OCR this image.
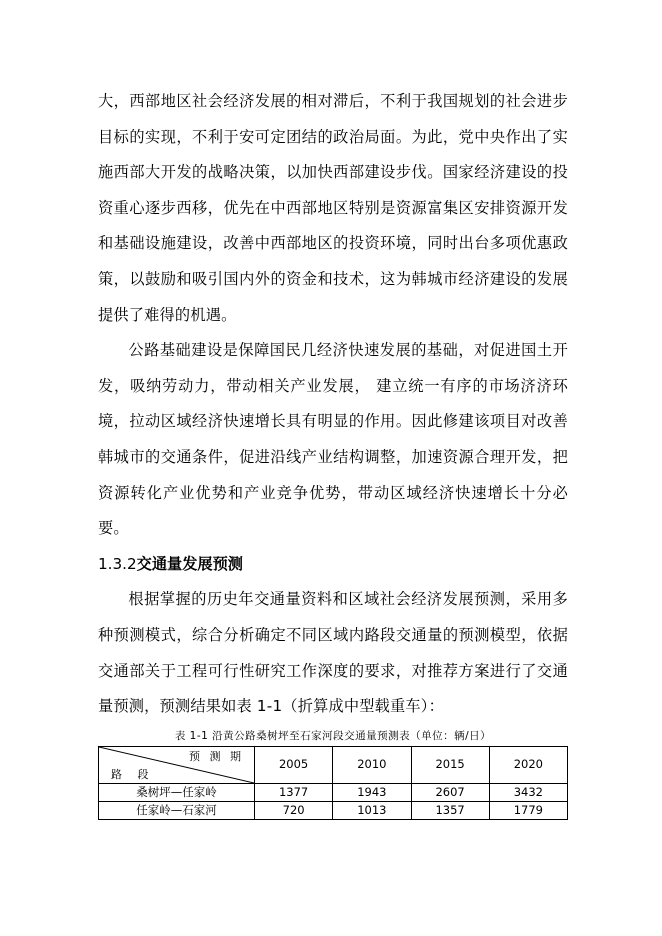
大，西部地区社会经济发展的相对滞后，不利于我国规划的社会进步目标的实现，不利于安可定团结的政治局面。为此，党中央作出了实施西部大开发的战略决策，以加快西部建设步伐。国家经济建设的投资重心逐步西移，优先在中西部地区特别是资源富集区安排资源开发和基础设施建设，改善中西部地区的投资环境，同时出台多项优惠政策，以鼓励和吸引国内外的资金和技术，这为韩城市经济建设的发展提供了难得的机遇。

公路基础建设是保障国民几经济快速发展的基础，对促进国土开发，吸纳劳动力，带动相关产业发展， 建立统一有序的市场济济环境，拉动区域经济快速增长具有明显的作用。因此修建该项目对改善韩城市的交通条件，促进沿线产业结构调整，加速资源合理开发，把资源转化产业优势和产业竞争优势，带动区域经济快速增长十分必要。

1.3.2交通量发展预测

根据掌握的历史年交通量资料和区域社会经济发展预测，采用多种预测模式，综合分析确定不同区域内路段交通量的预测模型，依据交通部关于工程可行性研究工作深度的要求，对推荐方案进行了交通量预测，预测结果如表 1-1（折算成中型载重车）：

表 1-1 沿黄公路桑树坪至石家河段交通量预测表（单位：辆/日）

预 测 期
路 段	2005	2010	2015	2020
桑树坪—任家岭	1377	1943	2607	3432
任家岭—石家河	720	1013	1357	1779
